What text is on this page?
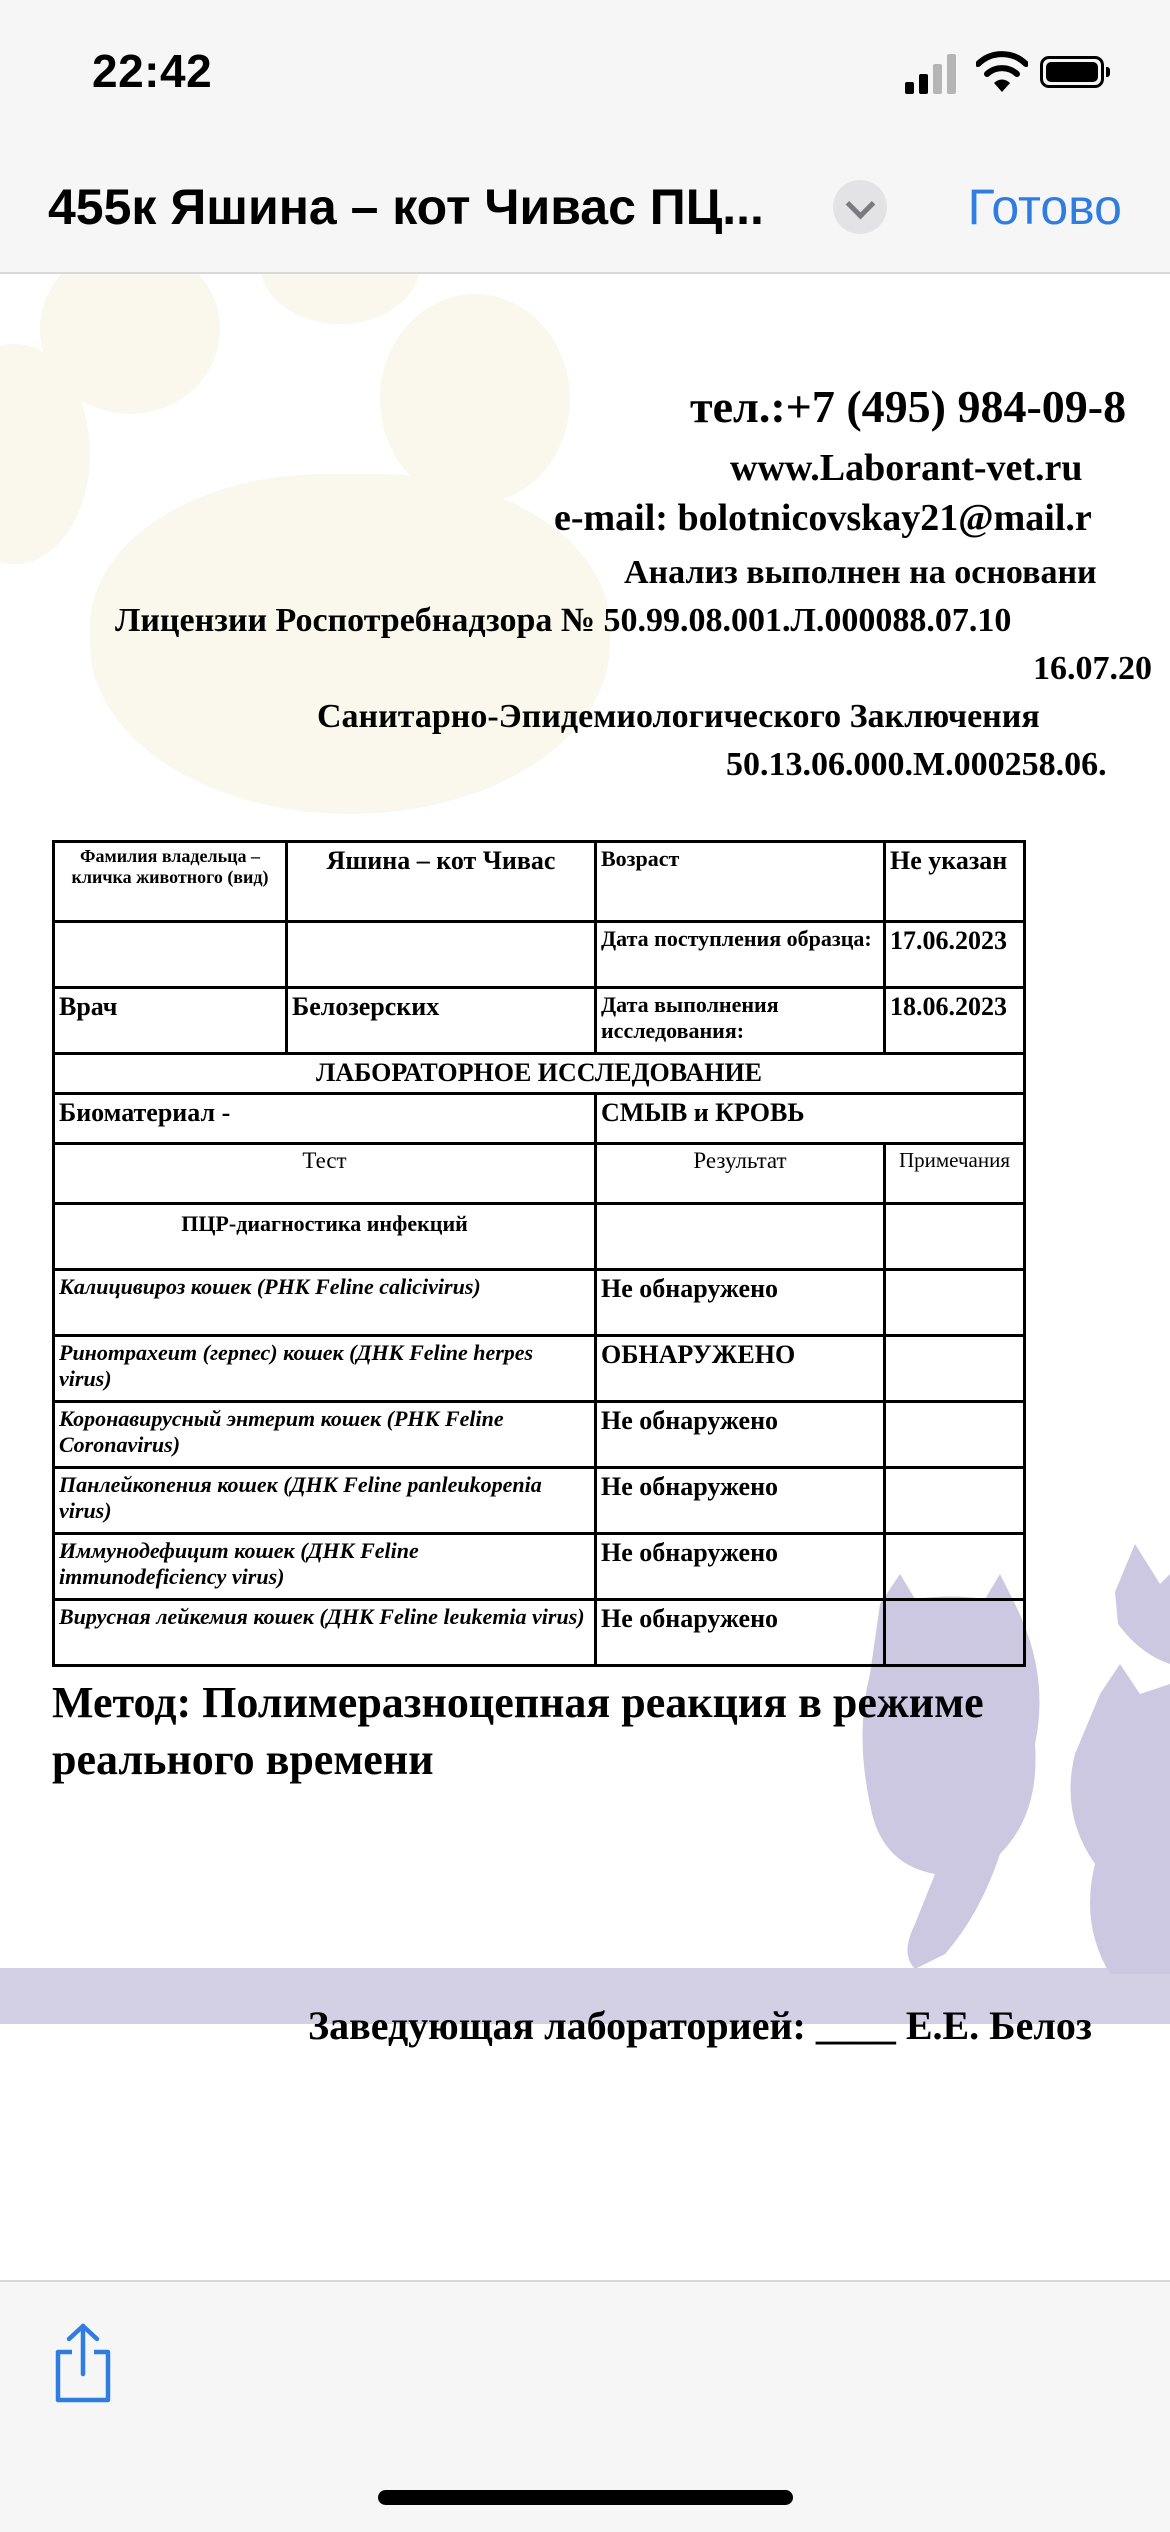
22:42
455к Яшина – кот Чивас ПЦ...	Готово
тел.:+7 (495) 984-09-8
www.Laborant-vet.ru
e-mail: bolotnicovskay21@mail.r
Анализ выполнен на основани
Лицензии Роспотребнадзора № 50.99.08.001.Л.000088.07.10
16.07.20
Санитарно-Эпидемиологического Заключения
50.13.06.000.М.000258.06.
Фамилия владельца – кличка животного (вид)	Яшина – кот Чивас	Возраст	Не указан
		Дата поступления образца:	17.06.2023
Врач	Белозерских	Дата выполнения исследования:	18.06.2023
ЛАБОРАТОРНОЕ ИССЛЕДОВАНИЕ			
Биоматериал -		СМЫВ и КРОВЬ	
Тест		Результат	Примечания
ПЦР-диагностика инфекций			
Калицивироз кошек (РНК Feline calicivirus)		Не обнаружено	
Ринотрахеит (герпес) кошек (ДНК Feline herpes virus)		ОБНАРУЖЕНО	
Коронавирусный энтерит кошек (РНК Feline Coronavirus)		Не обнаружено	
Панлейкопения кошек (ДНК Feline panleukopenia virus)		Не обнаружено	
Иммунодефицит кошек (ДНК Feline immunodeficiency virus)		Не обнаружено	
Вирусная лейкемия кошек (ДНК Feline leukemia virus)		Не обнаружено	
Метод: Полимеразноцепная реакция в режиме реального времени
Заведующая лабораторией: ____ Е.Е. Белоз
